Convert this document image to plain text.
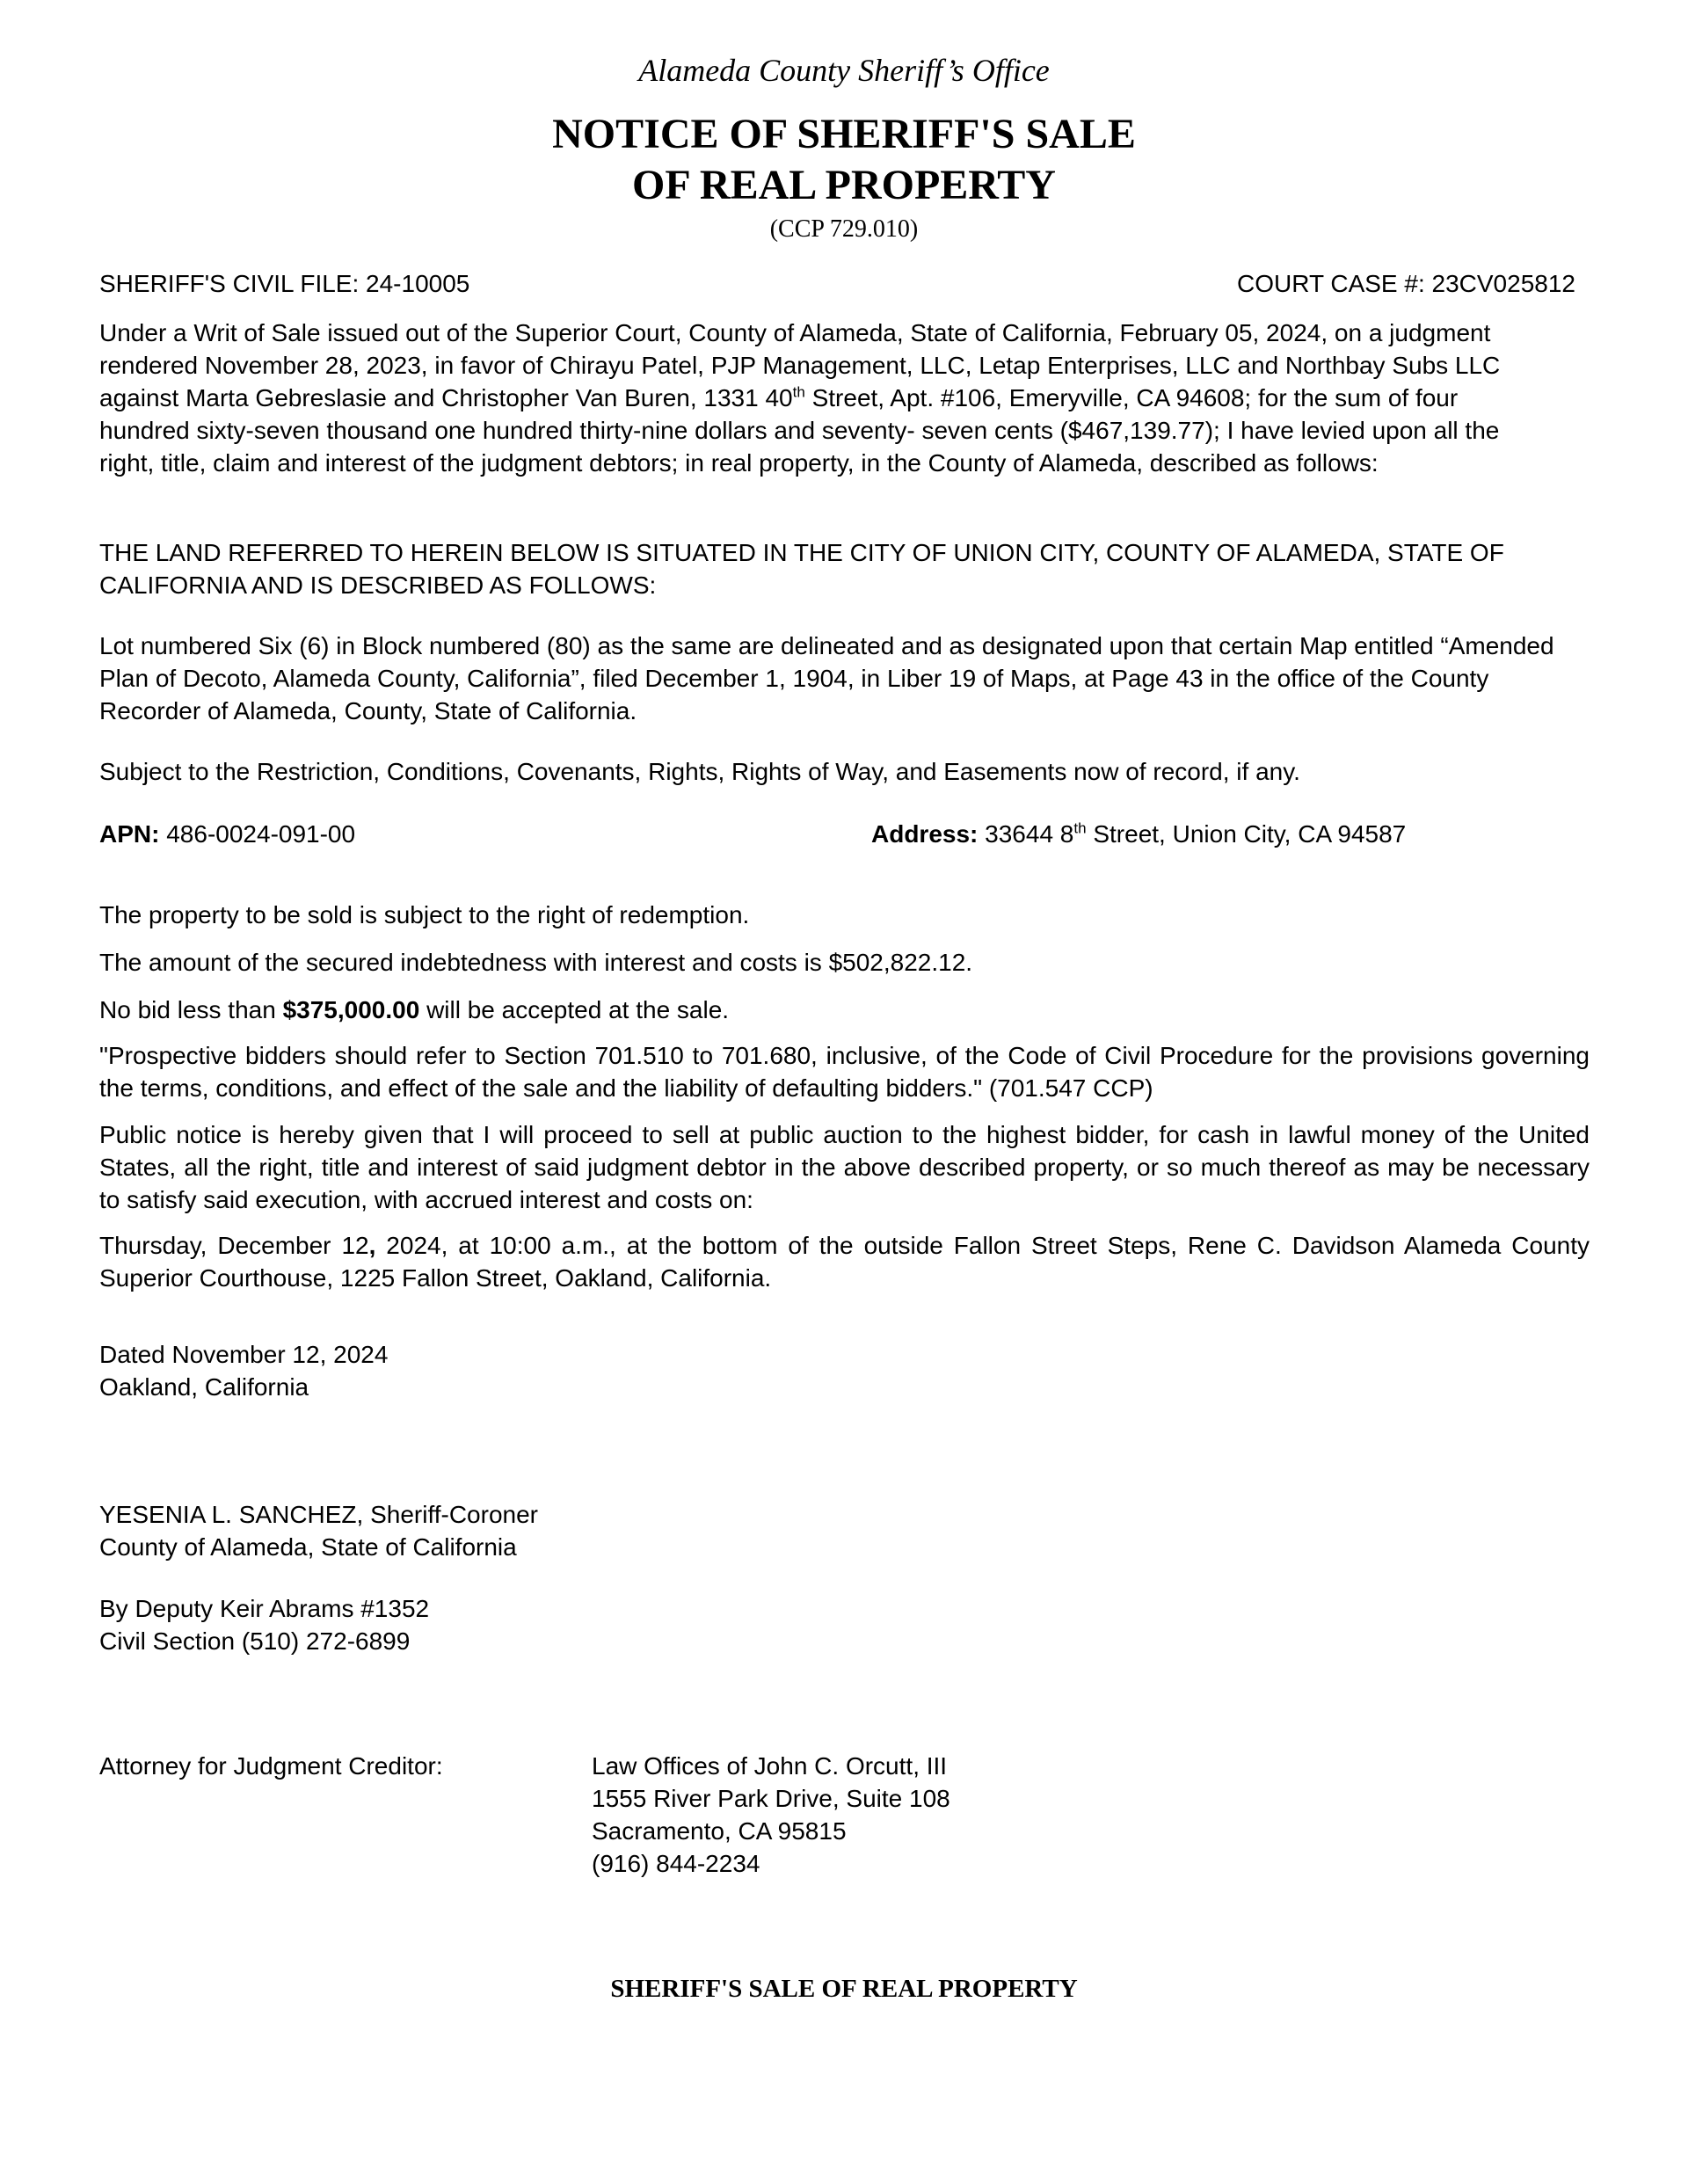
Alameda County Sheriff’s Office
NOTICE OF SHERIFF'S SALE
OF REAL PROPERTY
(CCP 729.010)
SHERIFF'S CIVIL FILE: 24-10005	COURT CASE #: 23CV025812
Under a Writ of Sale issued out of the Superior Court, County of Alameda, State of California, February 05, 2024, on a judgment rendered November 28, 2023, in favor of Chirayu Patel, PJP Management, LLC, Letap Enterprises, LLC and Northbay Subs LLC against Marta Gebreslasie and Christopher Van Buren, 1331 40th Street, Apt. #106, Emeryville, CA 94608; for the sum of four hundred sixty-seven thousand one hundred thirty-nine dollars and seventy- seven cents ($467,139.77); I have levied upon all the right, title, claim and interest of the judgment debtors; in real property, in the County of Alameda, described as follows:
THE LAND REFERRED TO HEREIN BELOW IS SITUATED IN THE CITY OF UNION CITY, COUNTY OF ALAMEDA, STATE OF CALIFORNIA AND IS DESCRIBED AS FOLLOWS:
Lot numbered Six (6) in Block numbered (80) as the same are delineated and as designated upon that certain Map entitled “Amended Plan of Decoto, Alameda County, California”, filed December 1, 1904, in Liber 19 of Maps, at Page 43 in the office of the County Recorder of Alameda, County, State of California.
Subject to the Restriction, Conditions, Covenants, Rights, Rights of Way, and Easements now of record, if any.
APN: 486-0024-091-00	Address: 33644 8th Street, Union City, CA 94587
The property to be sold is subject to the right of redemption.
The amount of the secured indebtedness with interest and costs is $502,822.12.
No bid less than $375,000.00 will be accepted at the sale.
"Prospective bidders should refer to Section 701.510 to 701.680, inclusive, of the Code of Civil Procedure for the provisions governing the terms, conditions, and effect of the sale and the liability of defaulting bidders." (701.547 CCP)
Public notice is hereby given that I will proceed to sell at public auction to the highest bidder, for cash in lawful money of the United States, all the right, title and interest of said judgment debtor in the above described property, or so much thereof as may be necessary to satisfy said execution, with accrued interest and costs on:
Thursday, December 12, 2024, at 10:00 a.m., at the bottom of the outside Fallon Street Steps, Rene C. Davidson Alameda County Superior Courthouse, 1225 Fallon Street, Oakland, California.
Dated November 12, 2024
Oakland, California
YESENIA L. SANCHEZ, Sheriff-Coroner
County of Alameda, State of California
By Deputy Keir Abrams #1352
Civil Section (510) 272-6899
Attorney for Judgment Creditor:	Law Offices of John C. Orcutt, III
1555 River Park Drive, Suite 108
Sacramento, CA 95815
(916) 844-2234
SHERIFF'S SALE OF REAL PROPERTY
